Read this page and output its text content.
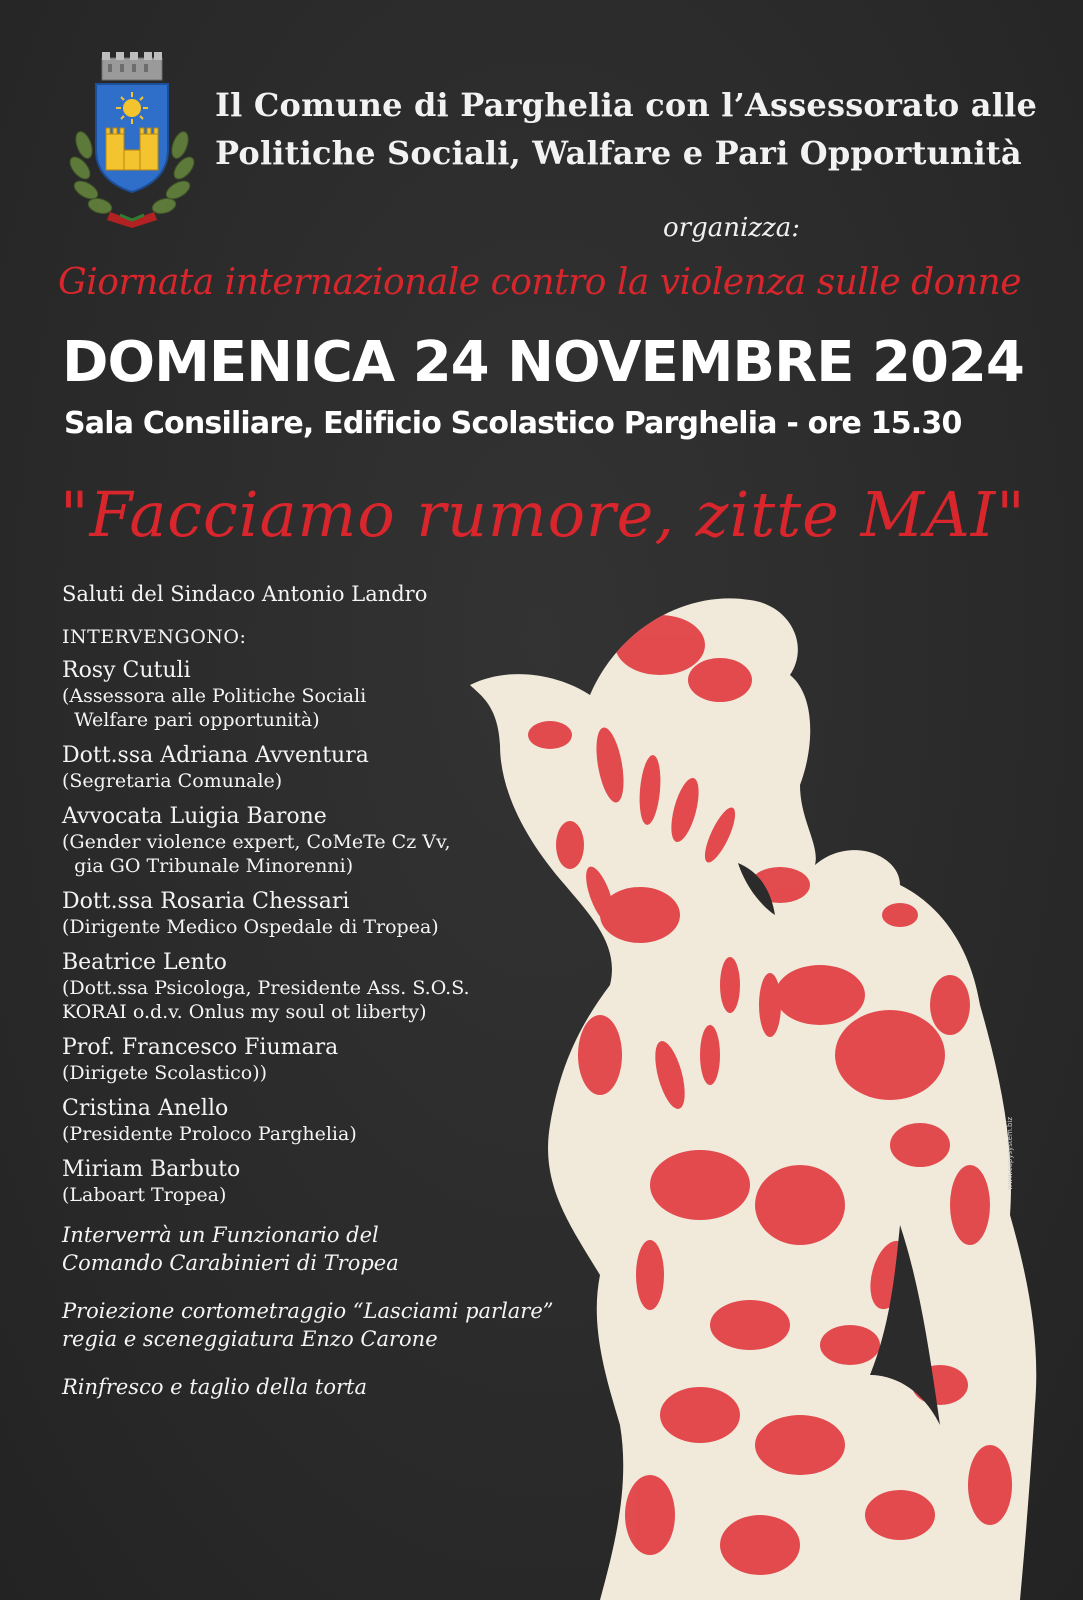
Il Comune di Parghelia con l’Assessorato alle
Politiche Sociali, Walfare e Pari Opportunità
organizza:
Giornata internazionale contro la violenza sulle donne
DOMENICA 24 NOVEMBRE 2024
Sala Consiliare, Edificio Scolastico Parghelia - ore 15.30
"Facciamo rumore, zitte MAI"
Saluti del Sindaco Antonio Landro
INTERVENGONO:
Rosy Cutuli
(Assessora alle Politiche Sociali
Welfare pari opportunità)
Dott.ssa Adriana Avventura
(Segretaria Comunale)
Avvocata Luigia Barone
(Gender violence expert, CoMeTe Cz Vv,
gia GO Tribunale Minorenni)
Dott.ssa Rosaria Chessari
(Dirigente Medico Ospedale di Tropea)
Beatrice Lento
(Dott.ssa Psicologa, Presidente Ass. S.O.S.
KORAI o.d.v. Onlus my soul ot liberty)
Prof. Francesco Fiumara
(Dirigete Scolastico))
Cristina Anello
(Presidente Proloco Parghelia)
Miriam Barbuto
(Laboart Tropea)
Interverrà un Funzionario del
Comando Carabinieri di Tropea
Proiezione cortometraggio “Lasciami parlare”
regia e sceneggiatura Enzo Carone
Rinfresco e taglio della torta
www.copysystem.biz
